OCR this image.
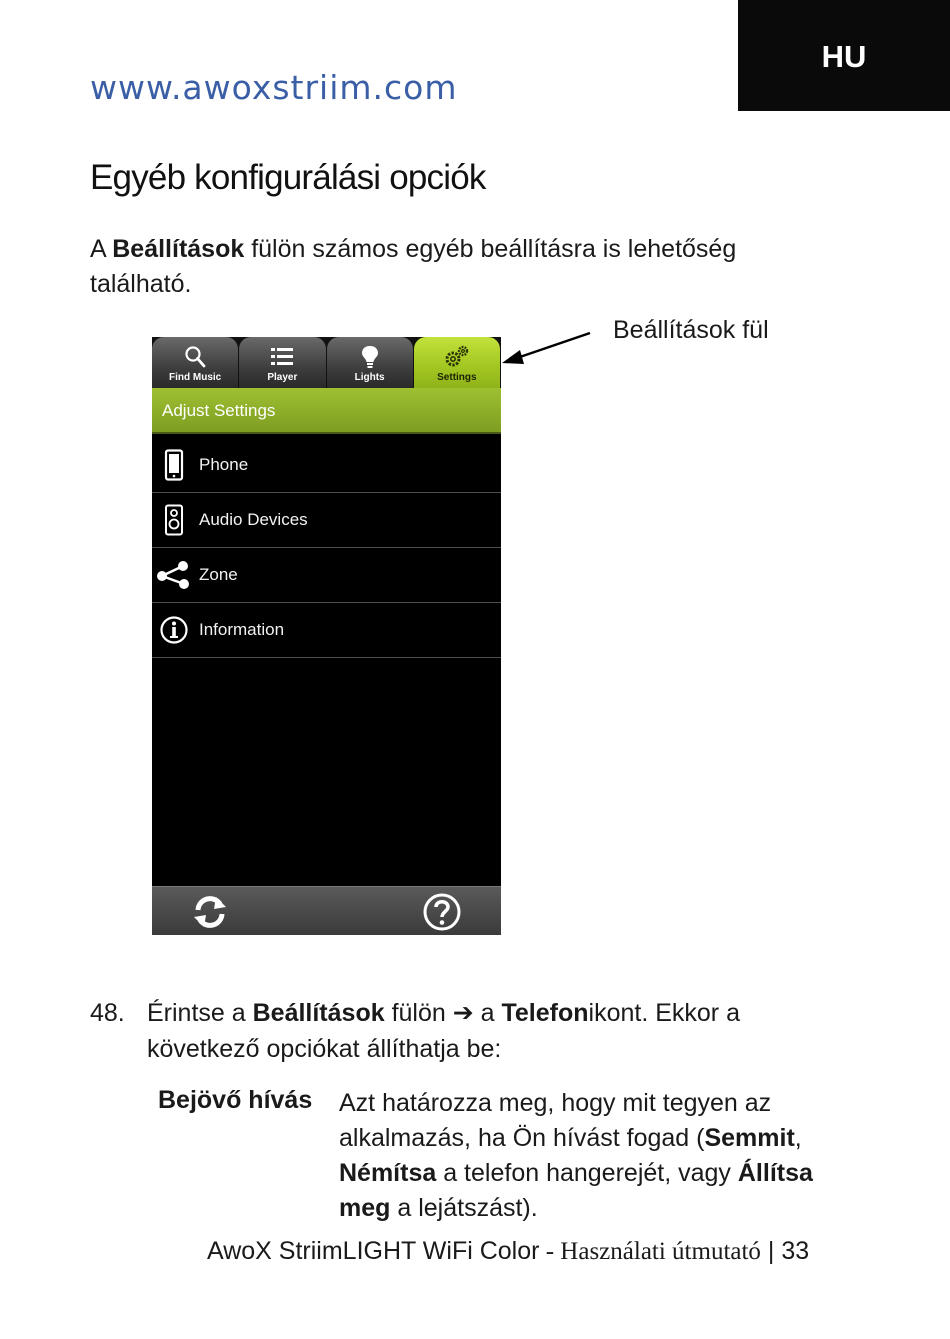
www.awoxstriim.com
HU
Egyéb konfigurálási opciók
A Beállítások fülön számos egyéb beállításra is lehetőség található.
Beállítások fül
Find Music	Player	Lights	Settings
Adjust Settings
Phone
Audio Devices
Zone
Information
48. Érintse a Beállítások fülön ➔ a Telefonikont. Ekkor a következő opciókat állíthatja be:
Bejövő hívás Azt határozza meg, hogy mit tegyen az alkalmazás, ha Ön hívást fogad (Semmit, Némítsa a telefon hangerejét, vagy Állítsa meg a lejátszást).
AwoX StriimLIGHT WiFi Color - Használati útmutató | 33
